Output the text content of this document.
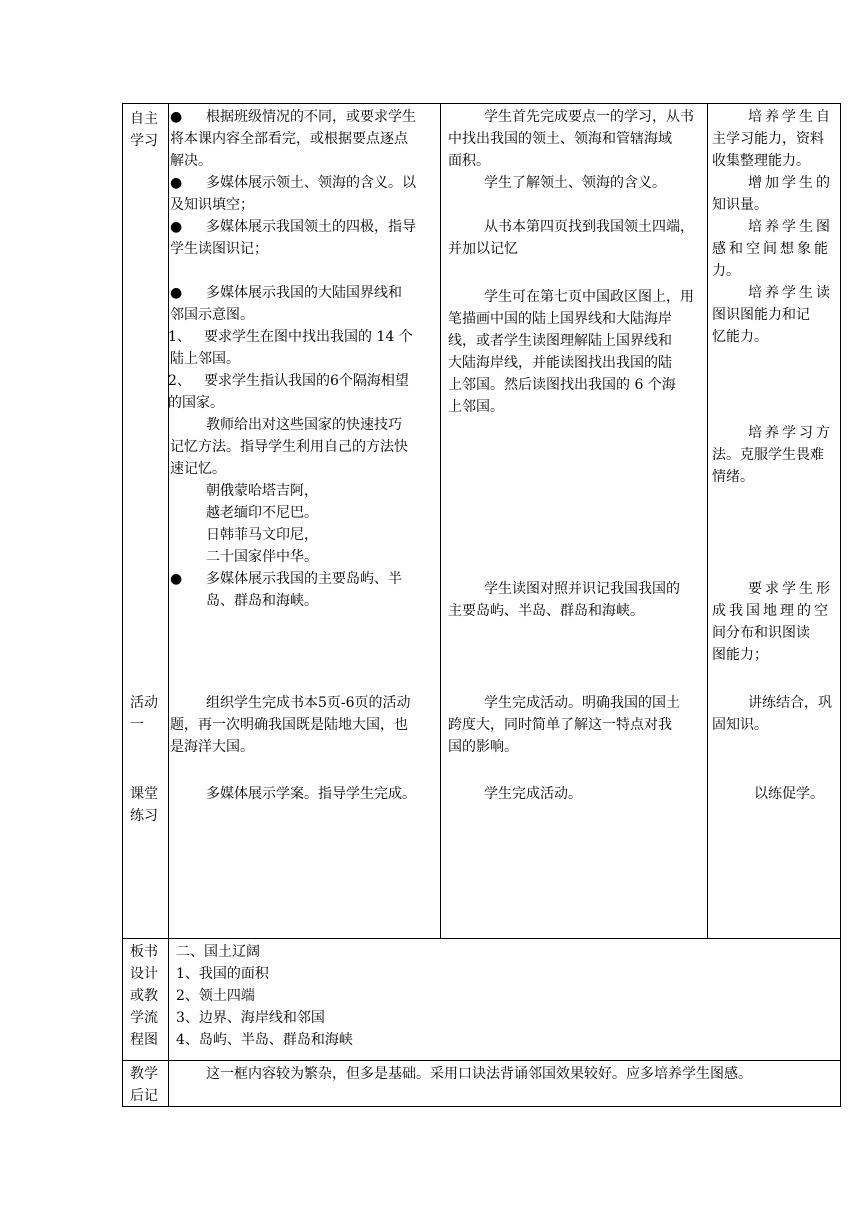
自主

学习

活动

一

课堂

练习

● 根据班级情况的不同，或要求学生

将本课内容全部看完，或根据要点逐点

解决。

● 多媒体展示领土、领海的含义。以

及知识填空；

● 多媒体展示我国领土的四极，指导

学生读图识记；

● 多媒体展示我国的大陆国界线和

邻国示意图。

1、 要求学生在图中找出我国的 14 个

陆上邻国。

2、 要求学生指认我国的6个隔海相望

的国家。

教师给出对这些国家的快速技巧

记忆方法。指导学生利用自己的方法快

速记忆。

朝俄蒙哈塔吉阿，

越老缅印不尼巴。

日韩菲马文印尼，

二十国家伴中华。

● 多媒体展示我国的主要岛屿、半

岛、群岛和海峡。

组织学生完成书本5页-6页的活动

题，再一次明确我国既是陆地大国，也

是海洋大国。

多媒体展示学案。指导学生完成。

学生首先完成要点一的学习，从书

中找出我国的领土、领海和管辖海域

面积。

学生了解领土、领海的含义。

从书本第四页找到我国领土四端，

并加以记忆

学生可在第七页中国政区图上，用

笔描画中国的陆上国界线和大陆海岸

线，或者学生读图理解陆上国界线和

大陆海岸线，并能读图找出我国的陆

上邻国。然后读图找出我国的 6 个海

上邻国。

学生读图对照并识记我国我国的

主要岛屿、半岛、群岛和海峡。

学生完成活动。明确我国的国土

跨度大，同时简单了解这一特点对我

国的影响。

学生完成活动。

培养学生自

主学习能力，资料

收集整理能力。

增加学生的

知识量。

培养学生图

感和空间想象能

力。

培养学生读

图识图能力和记

忆能力。

培养学习方

法。克服学生畏难

情绪。

要求学生形

成我国地理的空

间分布和识图读

图能力；

讲练结合，巩

固知识。

以练促学。

板书

设计

或教

学流

程图

二、国土辽阔

1、我国的面积

2、领土四端

3、边界、海岸线和邻国

4、岛屿、半岛、群岛和海峡

教学

后记

这一框内容较为繁杂，但多是基础。采用口诀法背诵邻国效果较好。应多培养学生图感。
